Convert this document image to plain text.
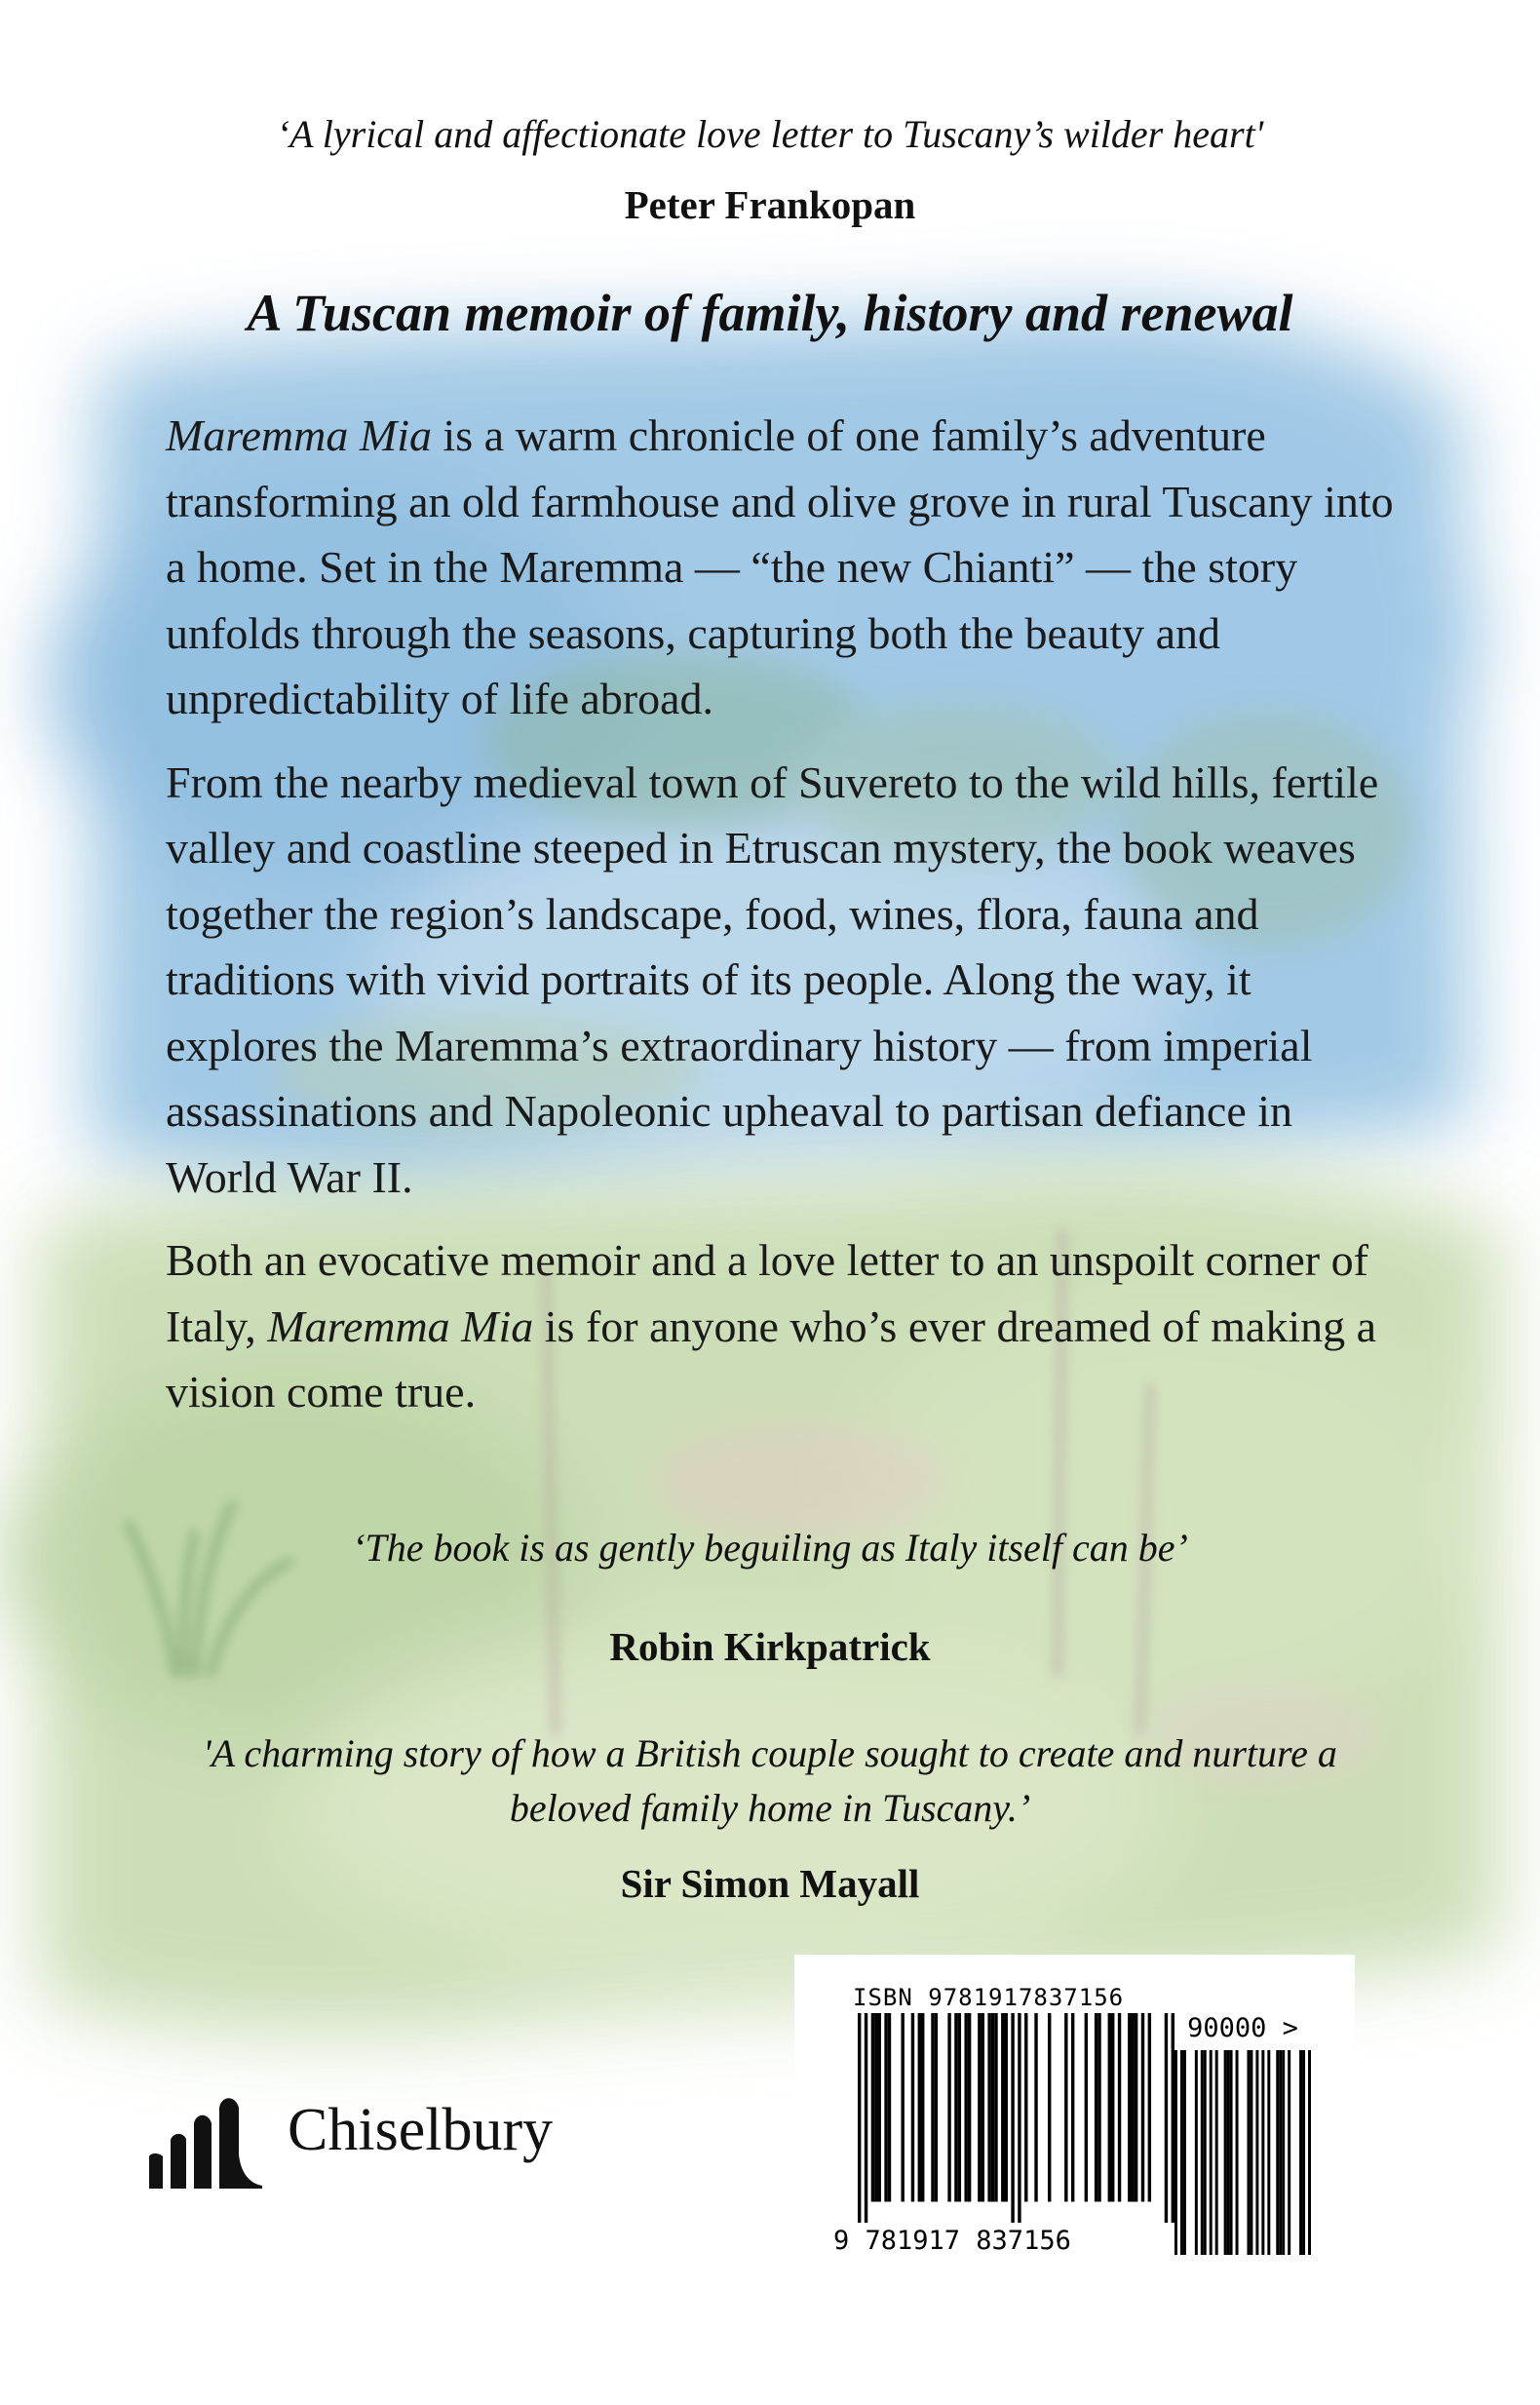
‘A lyrical and affectionate love letter to Tuscany’s wilder heart'
Peter Frankopan
A Tuscan memoir of family, history and renewal

Maremma Mia is a warm chronicle of one family’s adventure transforming an old farmhouse and olive grove in rural Tuscany into a home. Set in the Maremma — “the new Chianti” — the story unfolds through the seasons, capturing both the beauty and unpredictability of life abroad.

From the nearby medieval town of Suvereto to the wild hills, fertile valley and coastline steeped in Etruscan mystery, the book weaves together the region’s landscape, food, wines, flora, fauna and traditions with vivid portraits of its people. Along the way, it explores the Maremma’s extraordinary history — from imperial assassinations and Napoleonic upheaval to partisan defiance in World War II.

Both an evocative memoir and a love letter to an unspoilt corner of Italy, Maremma Mia is for anyone who’s ever dreamed of making a vision come true.

‘The book is as gently beguiling as Italy itself can be’
Robin Kirkpatrick
'A charming story of how a British couple sought to create and nurture a
beloved family home in Tuscany.’
Sir Simon Mayall
Chiselbury
ISBN 9781917837156
9 781917 837156
90000 >
